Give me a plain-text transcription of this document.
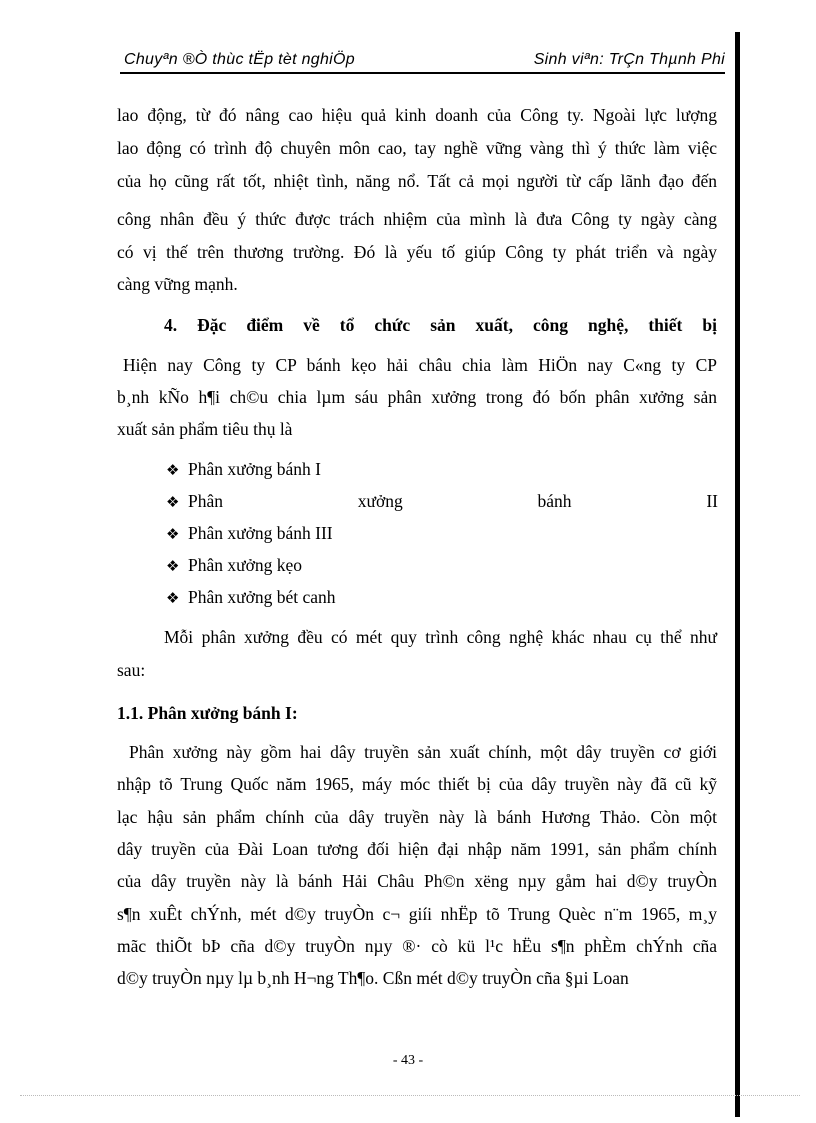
Chuyªn ®Ò thùc tËp tèt nghiÖp	Sinh viªn: TrÇn Thµnh Phi
lao động, từ đó nâng cao hiệu quả kinh doanh của Công ty. Ngoài lực lượng
lao động có trình độ chuyên môn cao, tay nghề vững vàng thì ý thức làm việc
của họ cũng rất tốt, nhiệt tình, năng nổ. Tất cả mọi người từ cấp lãnh đạo đến
công nhân đều ý thức được trách nhiệm của mình là đưa Công ty ngày càng
có vị thế trên thương trường. Đó là yếu tố giúp Công ty phát triển và ngày
càng vững mạnh.
4. Đặc điểm về tổ chức sản xuất, công nghệ, thiết bị
Hiện nay Công ty CP bánh kẹo hải châu chia làm HiÖn nay C«ng ty CP
b¸nh kÑo h¶i ch©u chia lµm sáu phân xưởng trong đó bốn phân xưởng sản
xuất sản phẩm tiêu thụ là
❖ Phân xưởng bánh I
❖ Phân xưởng bánh II
❖ Phân xưởng bánh III
❖ Phân xưởng kẹo
❖ Phân xưởng bét canh
Mỗi phân xưởng đều có mét quy trình công nghệ khác nhau cụ thể như
sau:
1.1. Phân xưởng bánh I:
Phân xưởng này gồm hai dây truyền sản xuất chính, một dây truyền cơ giới
nhập tõ Trung Quốc năm 1965, máy móc thiết bị của dây truyền này đã cũ kỹ
lạc hậu sản phẩm chính của dây truyền này là bánh Hương Thảo. Còn một
dây truyền của Đài Loan tương đối hiện đại nhập năm 1991, sản phẩm chính
của dây truyền này là bánh Hải Châu Ph©n xëng nµy gåm hai d©y truyÒn
s¶n xuÊt chÝnh, mét d©y truyÒn c¬ giíi nhËp tõ Trung Quèc n¨m 1965, m¸y
mãc thiÕt bÞ cña d©y truyÒn nµy ®· cò kü l¹c hËu s¶n phÈm chÝnh cña
d©y truyÒn nµy lµ b¸nh H¬ng Th¶o. Cßn mét d©y truyÒn cña §µi Loan
- 43 -
